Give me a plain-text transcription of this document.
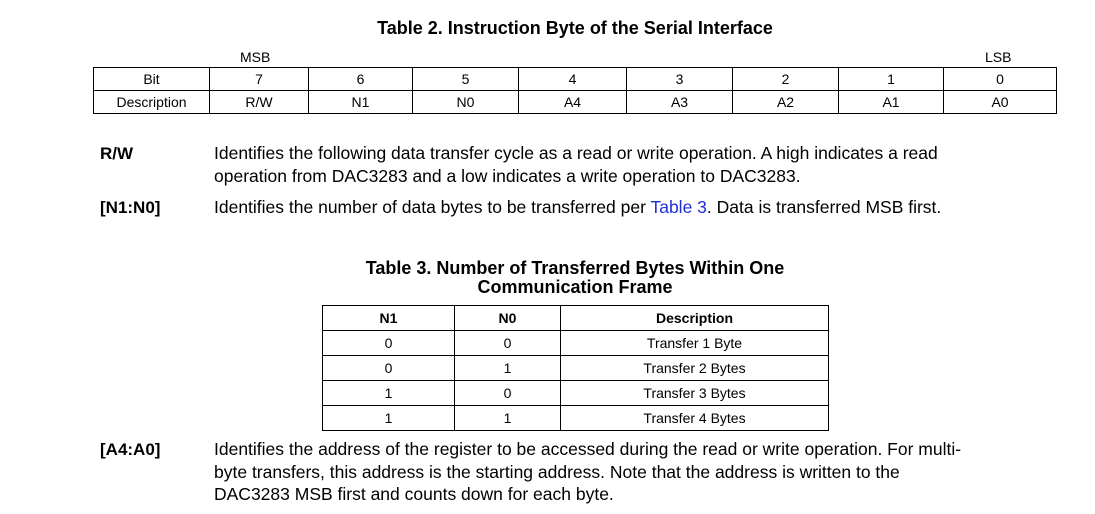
Table 2. Instruction Byte of the Serial Interface
MSB	LSB
Bit	7	6	5	4	3	2	1	0
Description	R/W	N1	N0	A4	A3	A2	A1	A0
R/W	Identifies the following data transfer cycle as a read or write operation. A high indicates a read
operation from DAC3283 and a low indicates a write operation to DAC3283.
[N1:N0]	Identifies the number of data bytes to be transferred per Table 3. Data is transferred MSB first.
Table 3. Number of Transferred Bytes Within One
Communication Frame
N1	N0	Description
0	0	Transfer 1 Byte
0	1	Transfer 2 Bytes
1	0	Transfer 3 Bytes
1	1	Transfer 4 Bytes
[A4:A0]	Identifies the address of the register to be accessed during the read or write operation. For multi-
byte transfers, this address is the starting address. Note that the address is written to the
DAC3283 MSB first and counts down for each byte.
